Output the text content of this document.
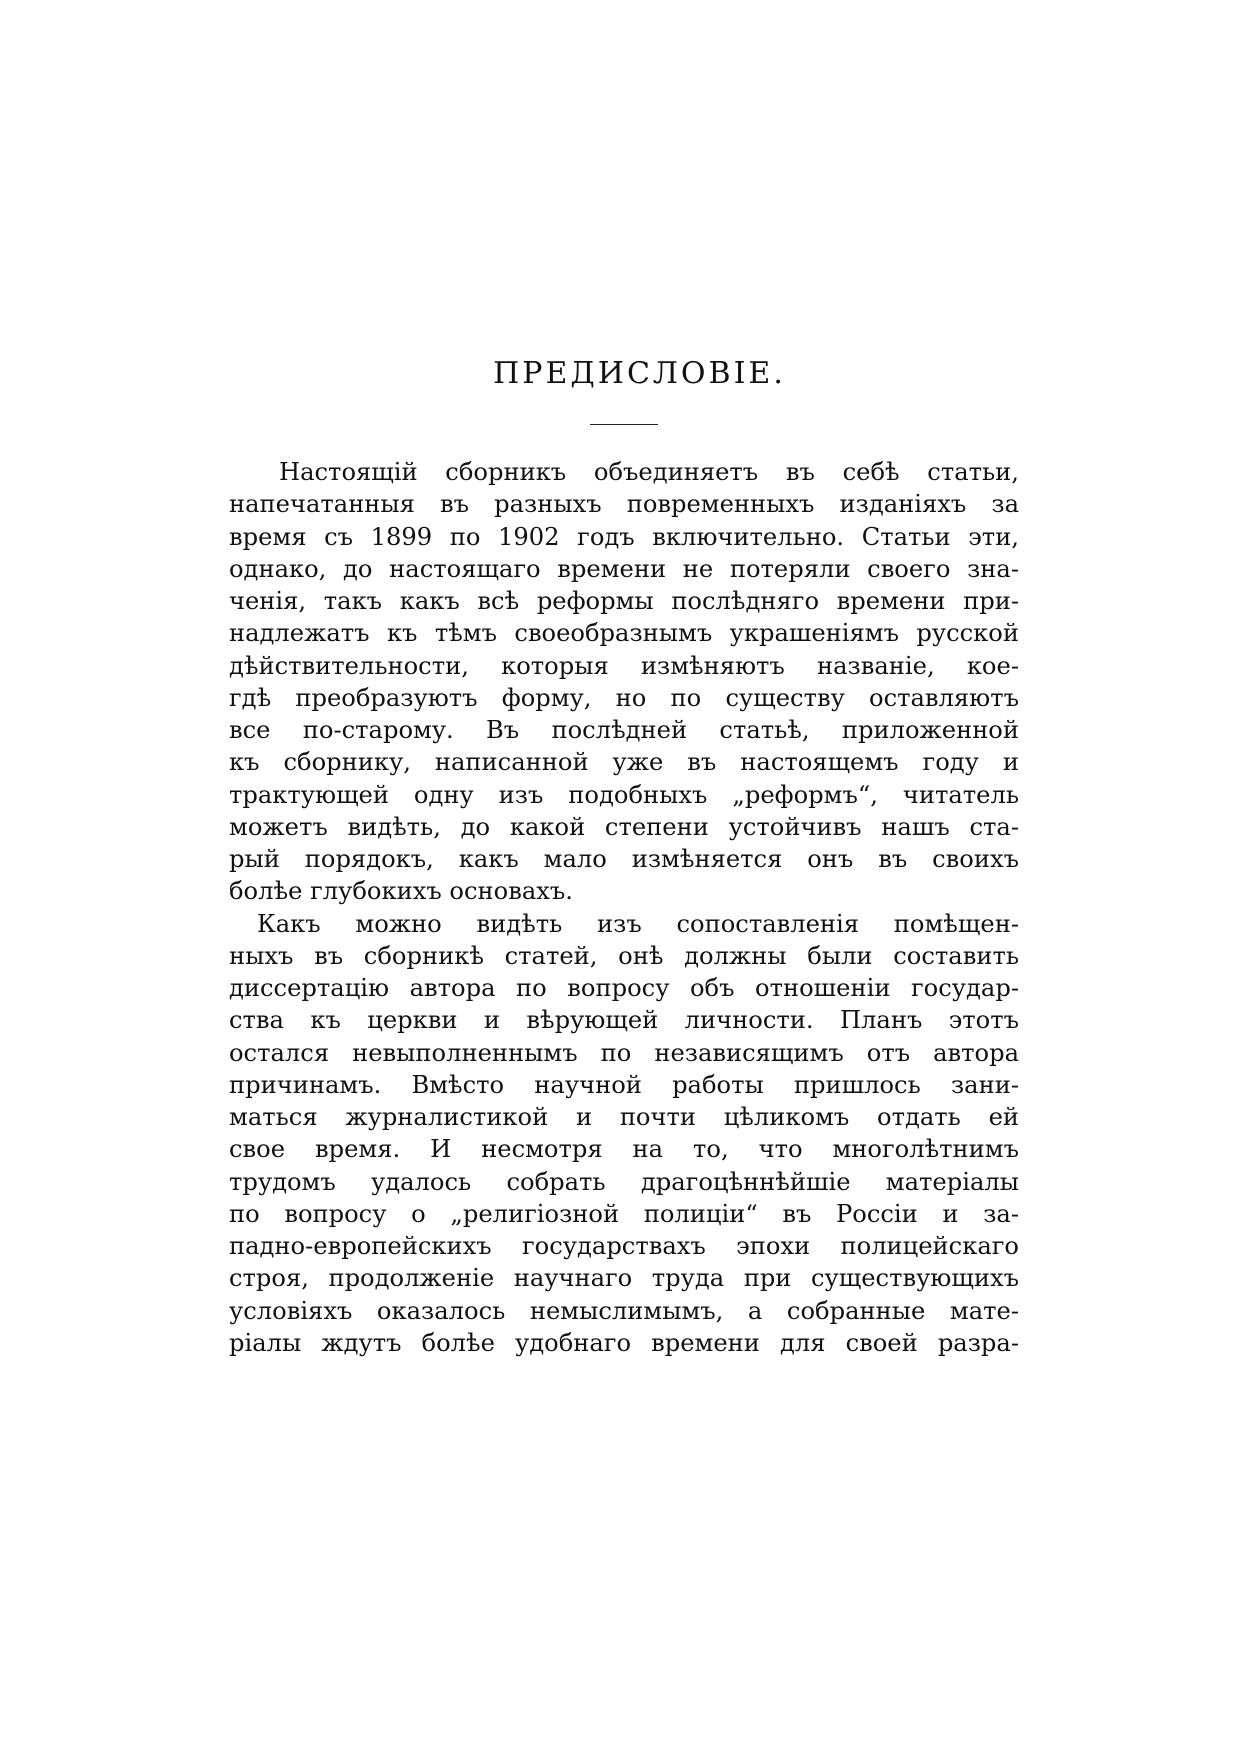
ПРЕДИСЛОВІЕ.
Настоящій сборникъ объединяетъ въ себѣ статьи,
напечатанныя въ разныхъ повременныхъ изданіяхъ за
время съ 1899 по 1902 годъ включительно. Статьи эти,
однако, до настоящаго времени не потеряли своего зна-
ченія, такъ какъ всѣ реформы послѣдняго времени при-
надлежатъ къ тѣмъ своеобразнымъ украшеніямъ русской
дѣйствительности, которыя измѣняютъ названіе, кое-
гдѣ преобразуютъ форму, но по существу оставляютъ
все по-старому. Въ послѣдней статьѣ, приложенной
къ сборнику, написанной уже въ настоящемъ году и
трактующей одну изъ подобныхъ „реформъ“, читатель
можетъ видѣть, до какой степени устойчивъ нашъ ста-
рый порядокъ, какъ мало измѣняется онъ въ своихъ
болѣе глубокихъ основахъ.
Какъ можно видѣть изъ сопоставленія помѣщен-
ныхъ въ сборникѣ статей, онѣ должны были составить
диссертацію автора по вопросу объ отношеніи государ-
ства къ церкви и вѣрующей личности. Планъ этотъ
остался невыполненнымъ по независящимъ отъ автора
причинамъ. Вмѣсто научной работы пришлось зани-
маться журналистикой и почти цѣликомъ отдать ей
свое время. И несмотря на то, что многолѣтнимъ
трудомъ удалось собрать драгоцѣннѣйшіе матеріалы
по вопросу о „религіозной полиціи“ въ Россіи и за-
падно-европейскихъ государствахъ эпохи полицейскаго
строя, продолженіе научнаго труда при существующихъ
условіяхъ оказалось немыслимымъ, а собранные мате-
ріалы ждутъ болѣе удобнаго времени для своей разра-
